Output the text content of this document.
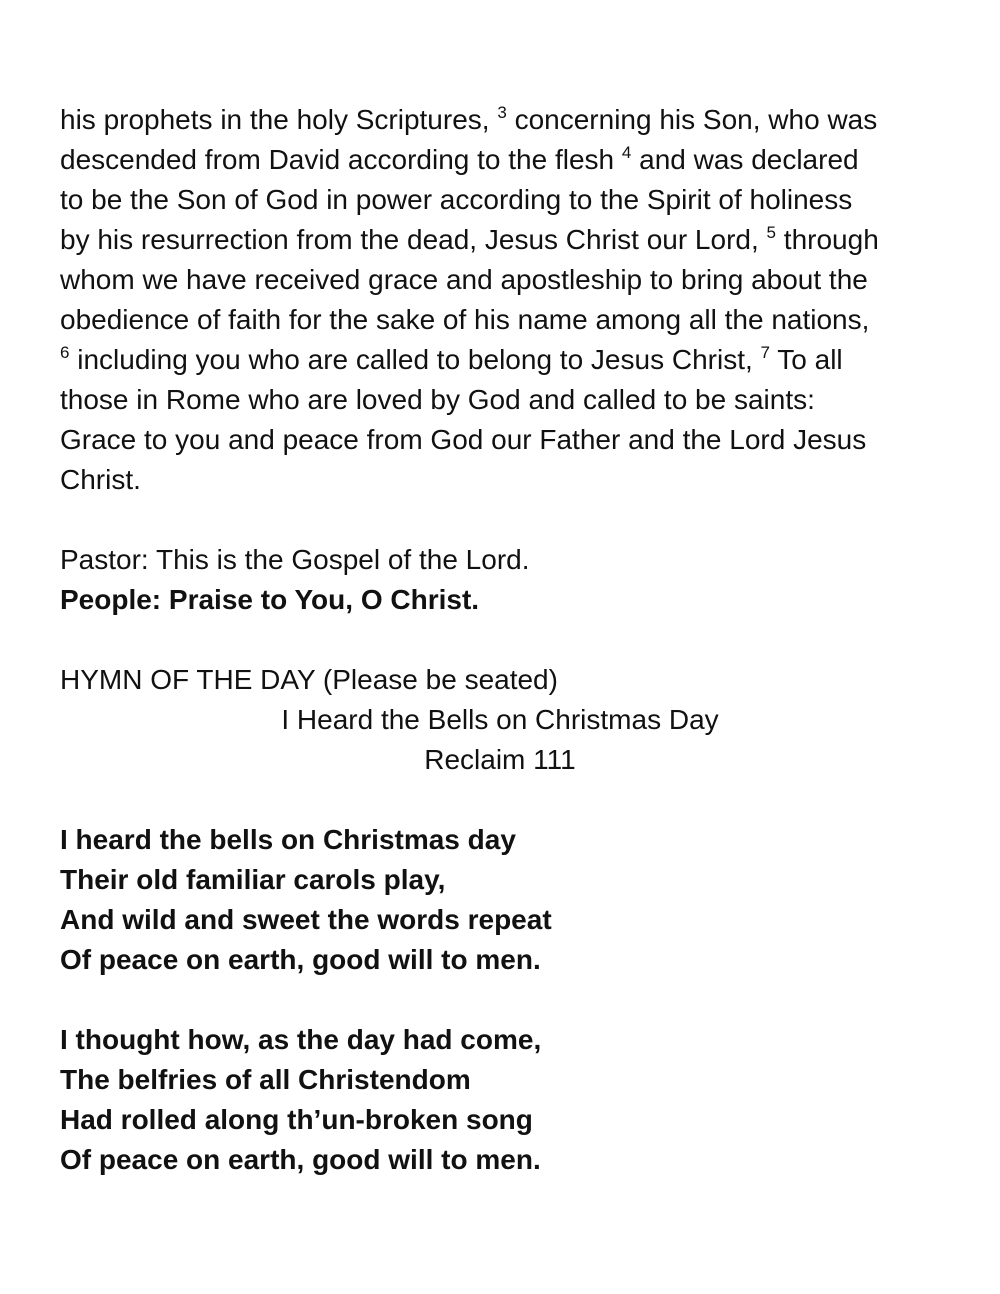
his prophets in the holy Scriptures, $^3$ concerning his Son, who was
descended from David according to the flesh $^4$ and was declared
to be the Son of God in power according to the Spirit of holiness
by his resurrection from the dead, Jesus Christ our Lord, $^5$ through
whom we have received grace and apostleship to bring about the
obedience of faith for the sake of his name among all the nations,
$^6$ including you who are called to belong to Jesus Christ, $^7$ To all
those in Rome who are loved by God and called to be saints:
Grace to you and peace from God our Father and the Lord Jesus
Christ.
Pastor: This is the Gospel of the Lord.
People: Praise to You, O Christ.
HYMN OF THE DAY (Please be seated)
I Heard the Bells on Christmas Day
Reclaim 111
I heard the bells on Christmas day
Their old familiar carols play,
And wild and sweet the words repeat
Of peace on earth, good will to men.
I thought how, as the day had come,
The belfries of all Christendom
Had rolled along th’un-broken song
Of peace on earth, good will to men.
